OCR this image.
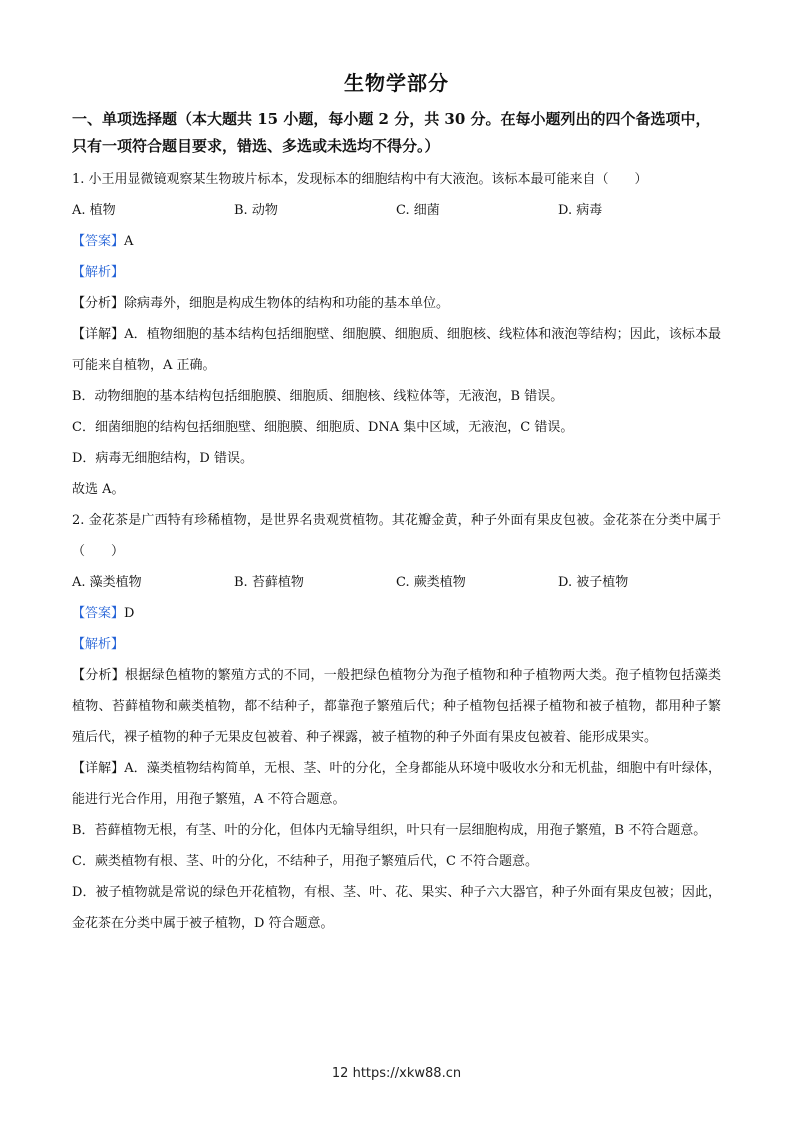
生物学部分
一、单项选择题（本大题共 15 小题，每小题 2 分，共 30 分。在每小题列出的四个备选项中，只有一项符合题目要求，错选、多选或未选均不得分。）
1. 小王用显微镜观察某生物玻片标本，发现标本的细胞结构中有大液泡。该标本最可能来自（　　）
A. 植物	B. 动物	C. 细菌	D. 病毒
【答案】A
【解析】
【分析】除病毒外，细胞是构成生物体的结构和功能的基本单位。
【详解】A．植物细胞的基本结构包括细胞壁、细胞膜、细胞质、细胞核、线粒体和液泡等结构；因此，该标本最可能来自植物，A 正确。
B．动物细胞的基本结构包括细胞膜、细胞质、细胞核、线粒体等，无液泡，B 错误。
C．细菌细胞的结构包括细胞壁、细胞膜、细胞质、DNA 集中区域，无液泡，C 错误。
D．病毒无细胞结构，D 错误。
故选 A。
2. 金花茶是广西特有珍稀植物，是世界名贵观赏植物。其花瓣金黄，种子外面有果皮包被。金花茶在分类中属于（　　）
A. 藻类植物	B. 苔藓植物	C. 蕨类植物	D. 被子植物
【答案】D
【解析】
【分析】根据绿色植物的繁殖方式的不同，一般把绿色植物分为孢子植物和种子植物两大类。孢子植物包括藻类植物、苔藓植物和蕨类植物，都不结种子，都靠孢子繁殖后代；种子植物包括裸子植物和被子植物，都用种子繁殖后代，裸子植物的种子无果皮包被着、种子裸露，被子植物的种子外面有果皮包被着、能形成果实。
【详解】A．藻类植物结构简单，无根、茎、叶的分化，全身都能从环境中吸收水分和无机盐，细胞中有叶绿体，能进行光合作用，用孢子繁殖，A 不符合题意。
B．苔藓植物无根，有茎、叶的分化，但体内无输导组织，叶只有一层细胞构成，用孢子繁殖，B 不符合题意。
C．蕨类植物有根、茎、叶的分化，不结种子，用孢子繁殖后代，C 不符合题意。
D．被子植物就是常说的绿色开花植物，有根、茎、叶、花、果实、种子六大器官，种子外面有果皮包被；因此，金花茶在分类中属于被子植物，D 符合题意。
12 https://xkw88.cn
